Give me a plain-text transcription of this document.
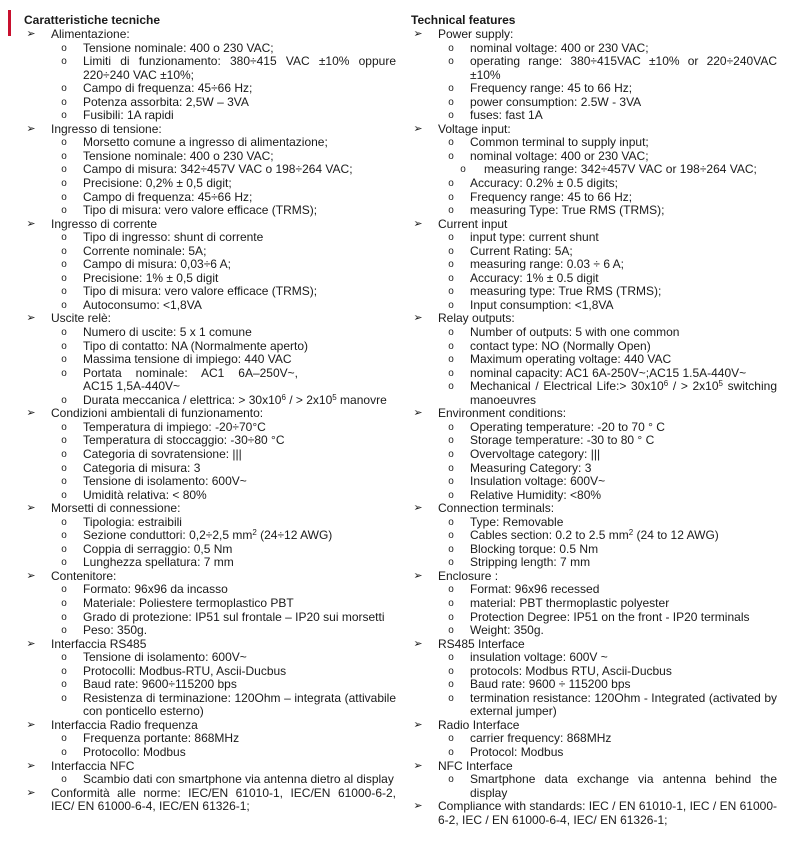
Caratteristiche tecniche
➢ Alimentazione:
o Tensione nominale: 400 o 230 VAC;
o Limiti di funzionamento: 380÷415 VAC ±10% oppure 220÷240 VAC ±10%;
o Campo di frequenza: 45÷66 Hz;
o Potenza assorbita: 2,5W – 3VA
o Fusibili: 1A rapidi
➢ Ingresso di tensione:
o Morsetto comune a ingresso di alimentazione;
o Tensione nominale: 400 o 230 VAC;
o Campo di misura: 342÷457V VAC o 198÷264 VAC;
o Precisione: 0,2% ± 0,5 digit;
o Campo di frequenza: 45÷66 Hz;
o Tipo di misura: vero valore efficace (TRMS);
➢ Ingresso di corrente
o Tipo di ingresso: shunt di corrente
o Corrente nominale: 5A;
o Campo di misura: 0,03÷6 A;
o Precisione: 1% ± 0,5 digit
o Tipo di misura: vero valore efficace (TRMS);
o Autoconsumo: <1,8VA
➢ Uscite relè:
o Numero di uscite: 5 x 1 comune
o Tipo di contatto: NA (Normalmente aperto)
o Massima tensione di impiego: 440 VAC
o Portata nominale: AC1 6A–250V~, AC15 1,5A-440V~
o Durata meccanica / elettrica: > $30x10^6$ / > $2x10^5$ manovre
➢ Condizioni ambientali di funzionamento:
o Temperatura di impiego: -20÷70°C
o Temperatura di stoccaggio: -30÷80 °C
o Categoria di sovratensione: |||
o Categoria di misura: 3
o Tensione di isolamento: 600V~
o Umidità relativa: < 80%
➢ Morsetti di connessione:
o Tipologia: estraibili
o Sezione conduttori: 0,2÷2,5 $mm^2$ (24÷12 AWG)
o Coppia di serraggio: 0,5 Nm
o Lunghezza spellatura: 7 mm
➢ Contenitore:
o Formato: 96x96 da incasso
o Materiale: Poliestere termoplastico PBT
o Grado di protezione: IP51 sul frontale – IP20 sui morsetti
o Peso: 350g.
➢ Interfaccia RS485
o Tensione di isolamento: 600V~
o Protocolli: Modbus-RTU, Ascii-Ducbus
o Baud rate: 9600÷115200 bps
o Resistenza di terminazione: 120Ohm – integrata (attivabile con ponticello esterno)
➢ Interfaccia Radio frequenza
o Frequenza portante: 868MHz
o Protocollo: Modbus
➢ Interfaccia NFC
o Scambio dati con smartphone via antenna dietro al display
➢ Conformità alle norme: IEC/EN 61010-1, IEC/EN 61000-6-2, IEC/ EN 61000-6-4, IEC/EN 61326-1;
Technical features
➢ Power supply:
o nominal voltage: 400 or 230 VAC;
o operating range: 380÷415VAC ±10% or 220÷240VAC ±10%
o Frequency range: 45 to 66 Hz;
o power consumption: 2.5W - 3VA
o fuses: fast 1A
➢ Voltage input:
o Common terminal to supply input;
o nominal voltage: 400 or 230 VAC;
o measuring range: 342÷457V VAC or 198÷264 VAC;
o Accuracy: 0.2% ± 0.5 digits;
o Frequency range: 45 to 66 Hz;
o measuring Type: True RMS (TRMS);
➢ Current input
o input type: current shunt
o Current Rating: 5A;
o measuring range: 0.03 ÷ 6 A;
o Accuracy: 1% ± 0.5 digit
o measuring type: True RMS (TRMS);
o Input consumption: <1,8VA
➢ Relay outputs:
o Number of outputs: 5 with one common
o contact type: NO (Normally Open)
o Maximum operating voltage: 440 VAC
o nominal capacity: AC1 6A-250V~;AC15 1.5A-440V~
o Mechanical / Electrical Life:> $30x10^6$ / > $2x10^5$ switching manoeuvres
➢ Environment conditions:
o Operating temperature: -20 to 70 ° C
o Storage temperature: -30 to 80 ° C
o Overvoltage category: |||
o Measuring Category: 3
o Insulation voltage: 600V~
o Relative Humidity: <80%
➢ Connection terminals:
o Type: Removable
o Cables section: 0.2 to 2.5 $mm^2$ (24 to 12 AWG)
o Blocking torque: 0.5 Nm
o Stripping length: 7 mm
➢ Enclosure :
o Format: 96x96 recessed
o material: PBT thermoplastic polyester
o Protection Degree: IP51 on the front - IP20 terminals
o Weight: 350g.
➢ RS485 Interface
o insulation voltage: 600V ~
o protocols: Modbus RTU, Ascii-Ducbus
o Baud rate: 9600 ÷ 115200 bps
o termination resistance: 120Ohm - Integrated (activated by external jumper)
➢ Radio Interface
o carrier frequency: 868MHz
o Protocol: Modbus
➢ NFC Interface
o Smartphone data exchange via antenna behind the display
➢ Compliance with standards: IEC / EN 61010-1, IEC / EN 61000-6-2, IEC / EN 61000-6-4, IEC/ EN 61326-1;
